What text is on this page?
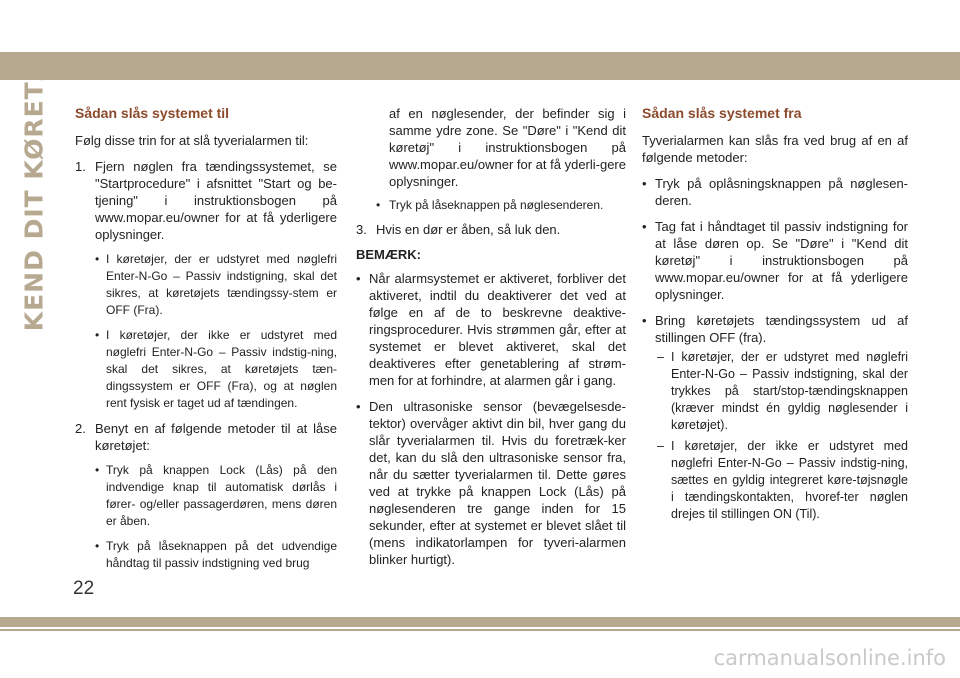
KEND DIT KØRETØJ Sådan slås systemet til

Følg disse trin for at slå tyverialarmen til:

1. Fjern nøglen fra tændingssystemet, se "Startprocedure" i afsnittet "Start og be-tjening" i instruktionsbogen på www.mopar.eu/owner for at få yderligere oplysninger.
• I køretøjer, der er udstyret med nøglefri Enter-N-Go – Passiv indstigning, skal det sikres, at køretøjets tændingssy-stem er OFF (Fra).
• I køretøjer, der ikke er udstyret med nøglefri Enter-N-Go – Passiv indstig-ning, skal det sikres, at køretøjets tæn-dingssystem er OFF (Fra), og at nøglen rent fysisk er taget ud af tændingen.
2. Benyt en af følgende metoder til at låse køretøjet:
• Tryk på knappen Lock (Lås) på den indvendige knap til automatisk dørlås i fører- og/eller passagerdøren, mens døren er åben.
• Tryk på låseknappen på det udvendige håndtag til passiv indstigning ved brug
af en nøglesender, der befinder sig i samme ydre zone. Se "Døre" i "Kend dit køretøj" i instruktionsbogen på www.mopar.eu/owner for at få yderli-gere oplysninger.
• Tryk på låseknappen på nøglesenderen.
3. Hvis en dør er åben, så luk den.
BEMÆRK:
• Når alarmsystemet er aktiveret, forbliver det aktiveret, indtil du deaktiverer det ved at følge en af de to beskrevne deaktive-ringsprocedurer. Hvis strømmen går, efter at systemet er blevet aktiveret, skal det deaktiveres efter genetablering af strøm-men for at forhindre, at alarmen går i gang.
• Den ultrasoniske sensor (bevægelsesde-tektor) overvåger aktivt din bil, hver gang du slår tyverialarmen til. Hvis du foretræk-ker det, kan du slå den ultrasoniske sensor fra, når du sætter tyverialarmen til. Dette gøres ved at trykke på knappen Lock (Lås) på nøglesenderen tre gange inden for 15 sekunder, efter at systemet er blevet slået til (mens indikatorlampen for tyveri-alarmen blinker hurtigt).
Sådan slås systemet fra

Tyverialarmen kan slås fra ved brug af en af følgende metoder:

• Tryk på oplåsningsknappen på nøglesen-deren.
• Tag fat i håndtaget til passiv indstigning for at låse døren op. Se "Døre" i "Kend dit køretøj" i instruktionsbogen på www.mopar.eu/owner for at få yderligere oplysninger.
• Bring køretøjets tændingssystem ud af stillingen OFF (fra).
– I køretøjer, der er udstyret med nøglefri Enter-N-Go – Passiv indstigning, skal der trykkes på start/stop-tændingsknappen (kræver mindst én gyldig nøglesender i køretøjet).
– I køretøjer, der ikke er udstyret med nøglefri Enter-N-Go – Passiv indstig-ning, sættes en gyldig integreret køre-tøjsnøgle i tændingskontakten, hvoref-ter nøglen drejes til stillingen ON (Til).
22
carmanualsonline.info
